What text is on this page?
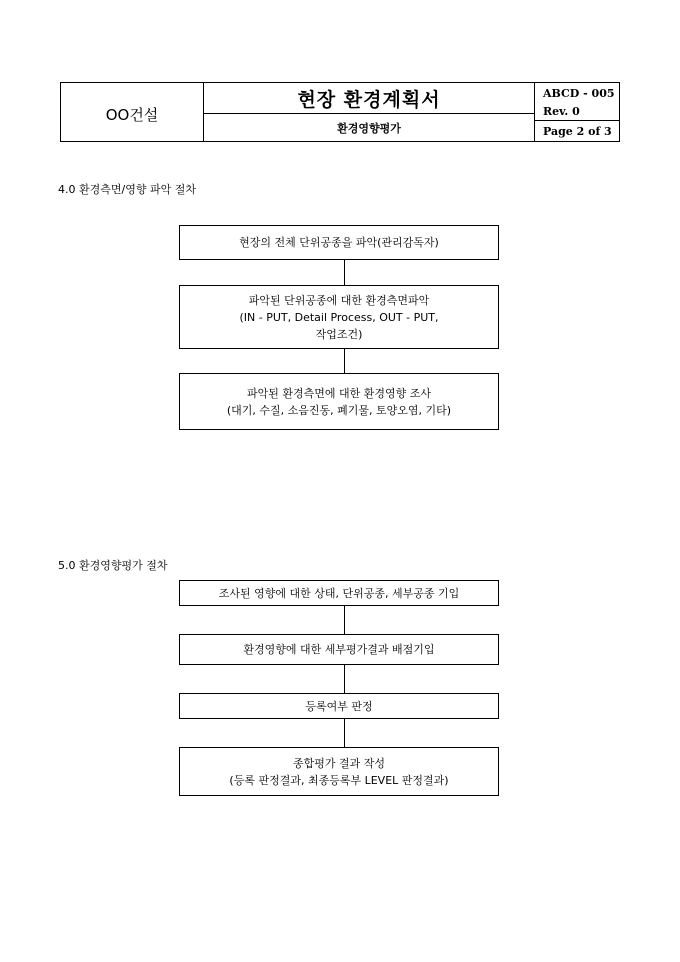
OO건설
현장 환경계획서
환경영향평가
ABCD - 005
Rev. 0
Page 2 of 3
4.0 환경측면/영향 파악 절차
현장의 전체 단위공종을 파악(관리감독자)
파악된 단위공종에 대한 환경측면파악
(IN - PUT, Detail Process, OUT - PUT,
작업조건)
파악된 환경측면에 대한 환경영향 조사
(대기, 수질, 소음진동, 폐기물, 토양오염, 기타)
5.0 환경영향평가 절차
조사된 영향에 대한 상태, 단위공종, 세부공종 기입
환경영향에 대한 세부평가결과 배점기입
등록여부 판정
종합평가 결과 작성
(등록 판정결과, 최종등록부 LEVEL 판정결과)
